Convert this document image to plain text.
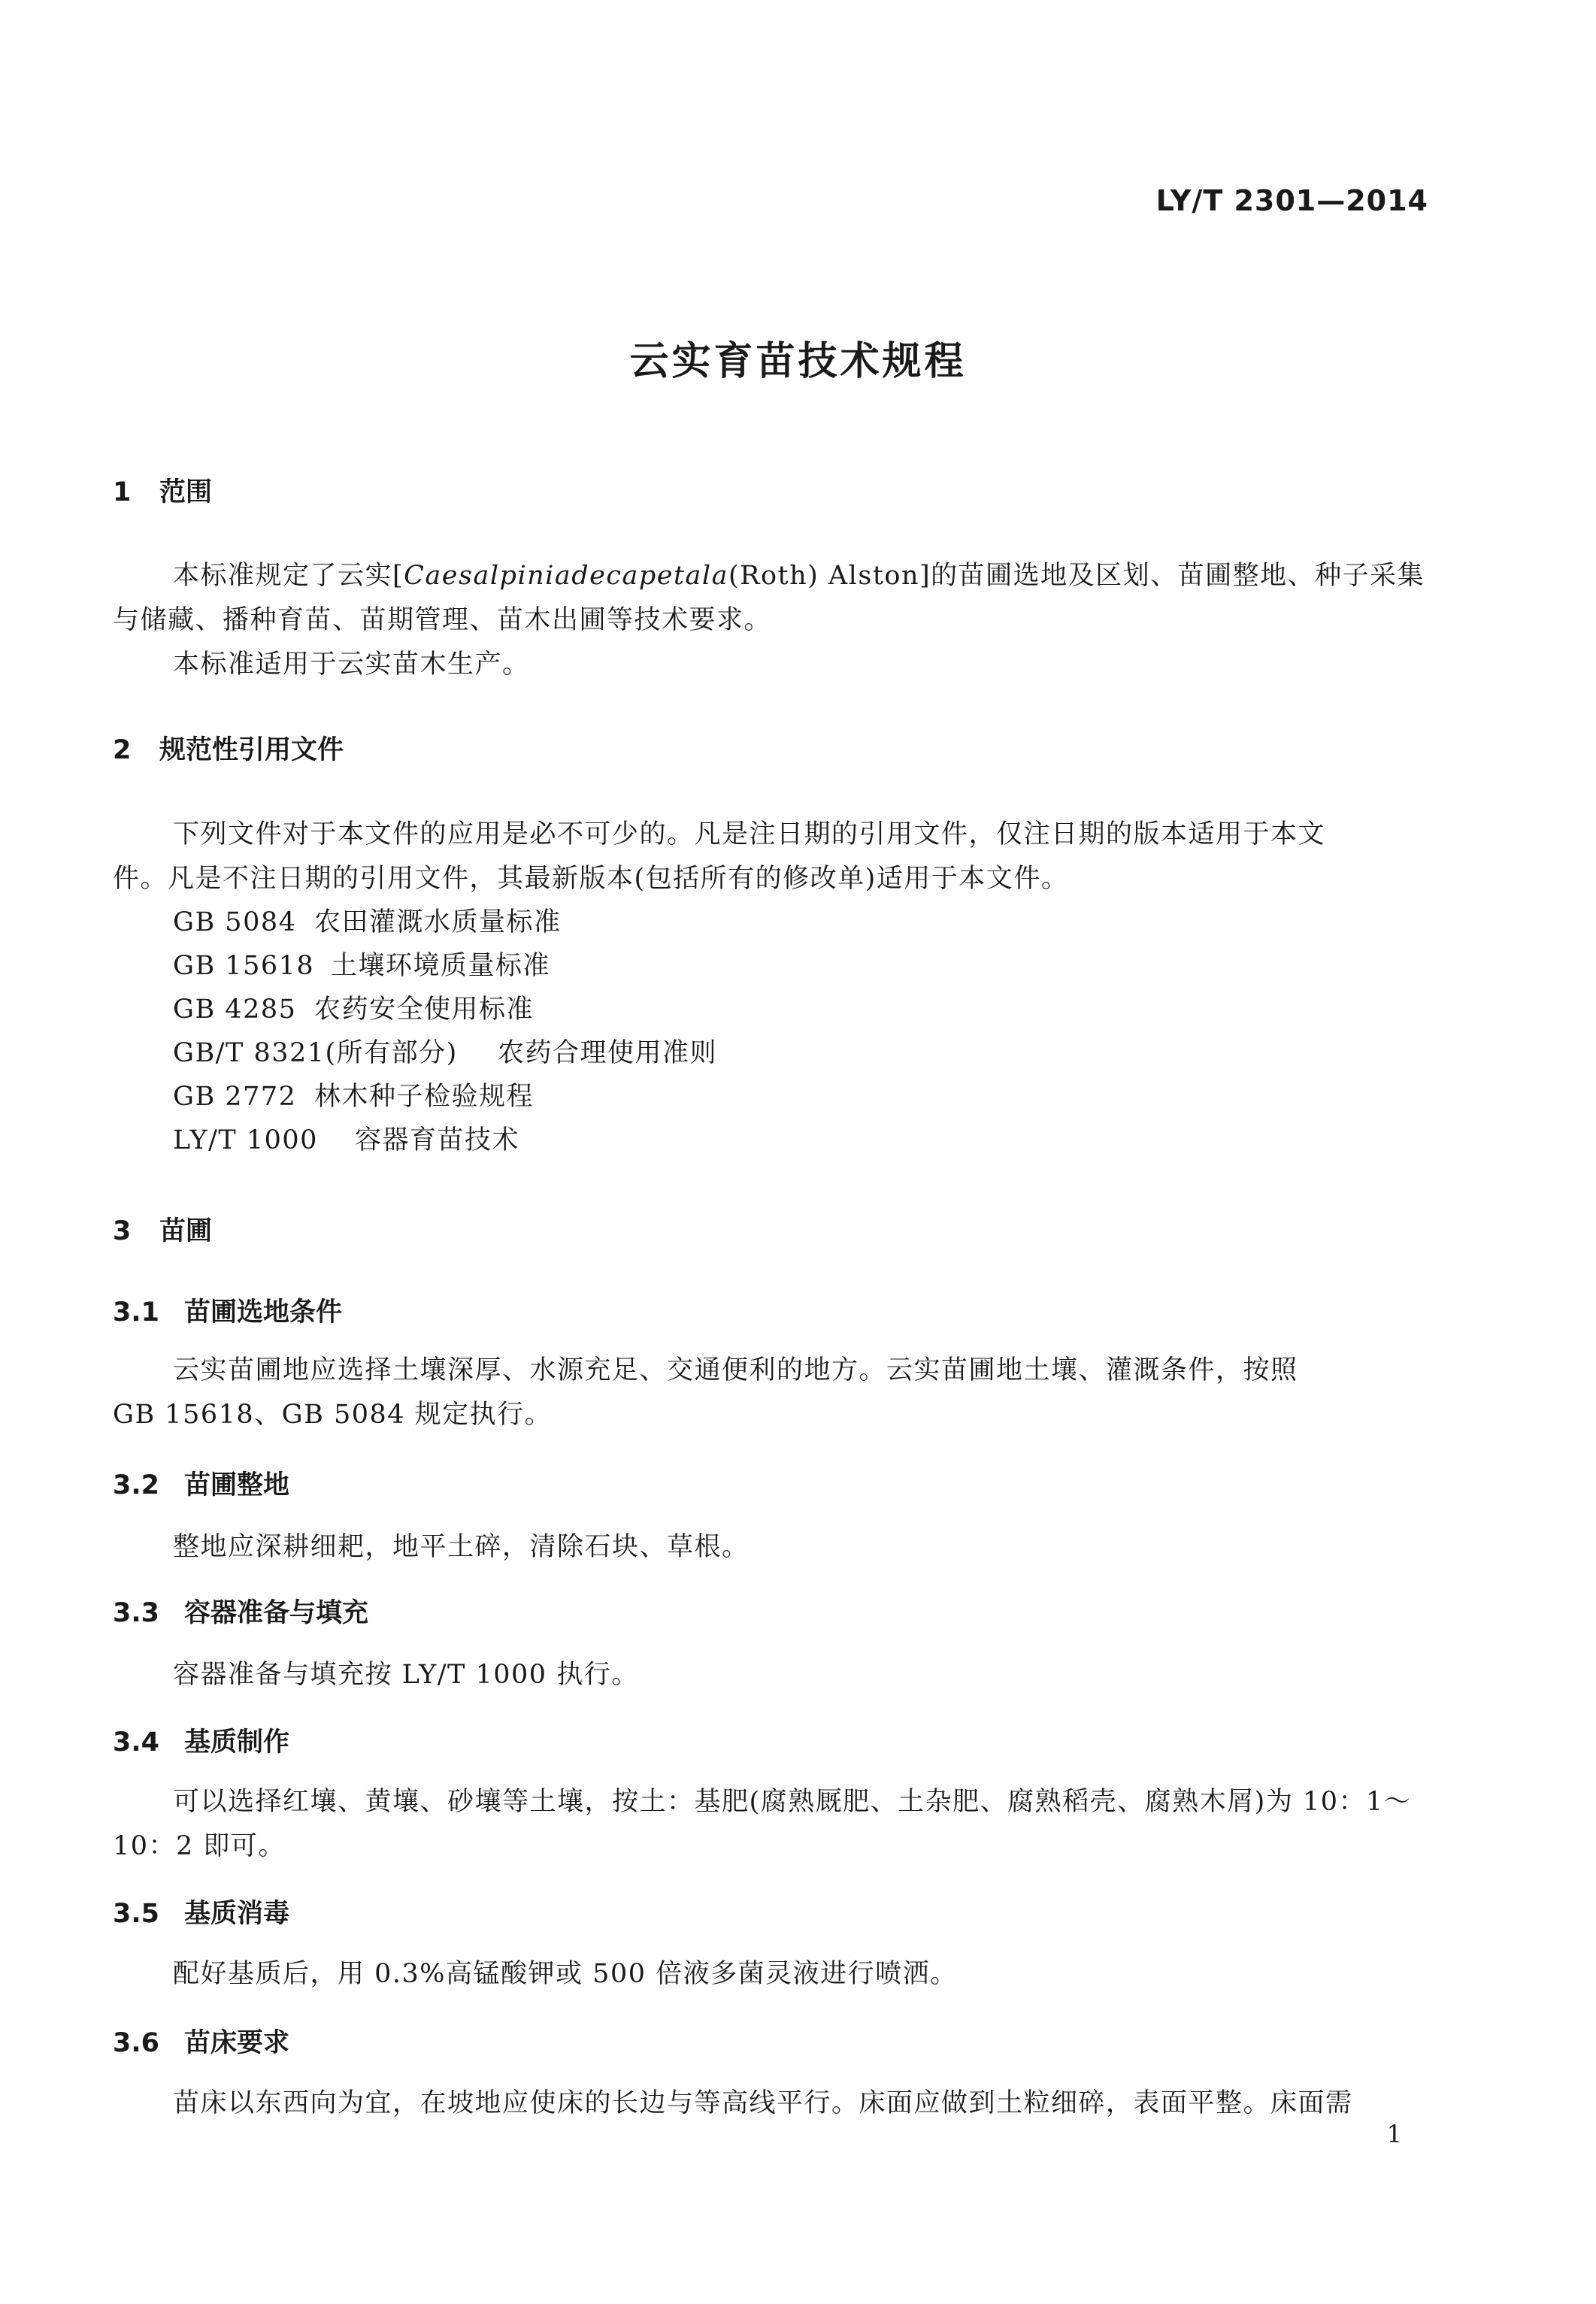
LY/T 2301—2014
云实育苗技术规程
1 范围
本标准规定了云实[Caesalpiniadecapetala(Roth) Alston]的苗圃选地及区划、苗圃整地、种子采集
与储藏、播种育苗、苗期管理、苗木出圃等技术要求。
本标准适用于云实苗木生产。
2 规范性引用文件
下列文件对于本文件的应用是必不可少的。凡是注日期的引用文件，仅注日期的版本适用于本文
件。凡是不注日期的引用文件，其最新版本(包括所有的修改单)适用于本文件。
GB 5084 农田灌溉水质量标准
GB 15618 土壤环境质量标准
GB 4285 农药安全使用标准
GB/T 8321(所有部分) 农药合理使用准则
GB 2772 林木种子检验规程
LY/T 1000 容器育苗技术
3 苗圃
3.1 苗圃选地条件
云实苗圃地应选择土壤深厚、水源充足、交通便利的地方。云实苗圃地土壤、灌溉条件，按照
GB 15618、GB 5084 规定执行。
3.2 苗圃整地
整地应深耕细耙，地平土碎，清除石块、草根。
3.3 容器准备与填充
容器准备与填充按 LY/T 1000 执行。
3.4 基质制作
可以选择红壤、黄壤、砂壤等土壤，按土：基肥(腐熟厩肥、土杂肥、腐熟稻壳、腐熟木屑)为 10：1～
10：2 即可。
3.5 基质消毒
配好基质后，用 0.3%高锰酸钾或 500 倍液多菌灵液进行喷洒。
3.6 苗床要求
苗床以东西向为宜，在坡地应使床的长边与等高线平行。床面应做到土粒细碎，表面平整。床面需
1
